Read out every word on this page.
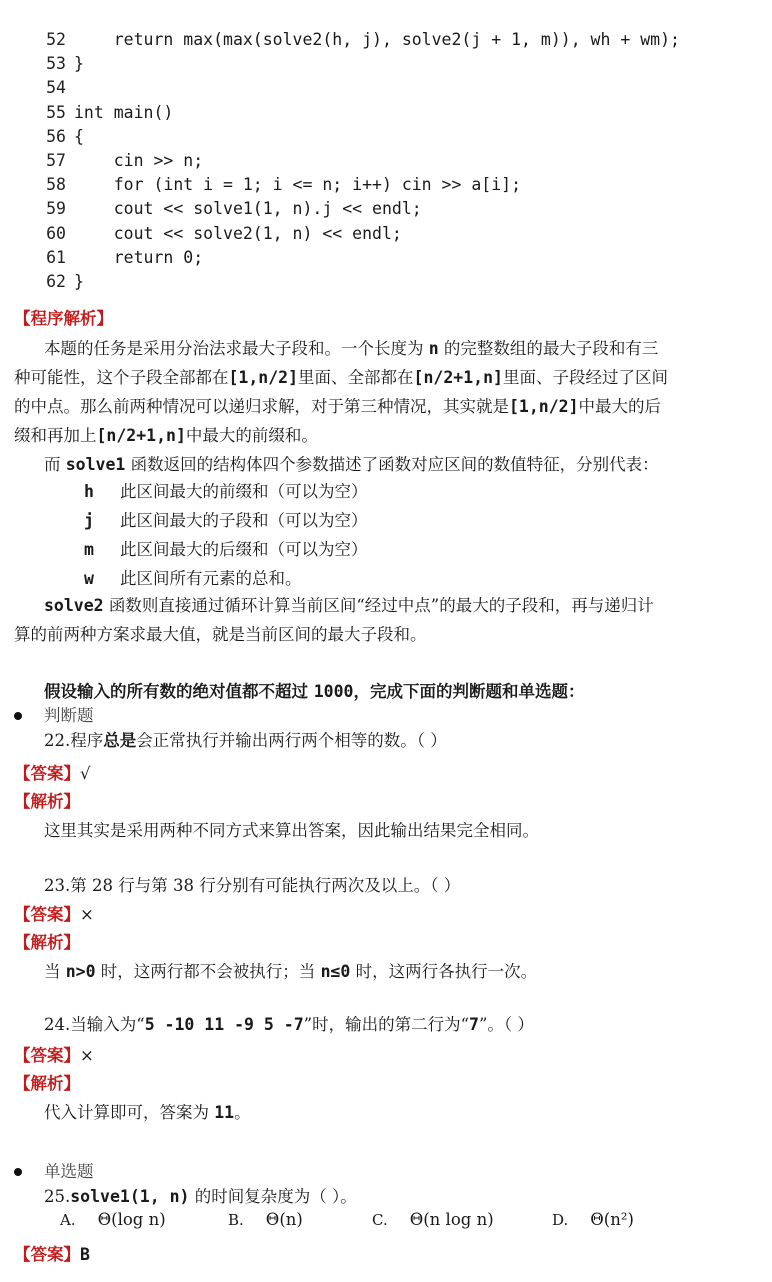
52    return max(max(solve2(h, j), solve2(j + 1, m)), wh + wm);
53 }
54
55 int main()
56 {
57    cin >> n;
58    for (int i = 1; i <= n; i++) cin >> a[i];
59    cout << solve1(1, n).j << endl;
60    cout << solve2(1, n) << endl;
61    return 0;
62 }
【程序解析】
本题的任务是采用分治法求最大子段和。一个长度为 n 的完整数组的最大子段和有三
种可能性，这个子段全部都在[1,n/2]里面、全部都在[n/2+1,n]里面、子段经过了区间
的中点。那么前两种情况可以递归求解，对于第三种情况，其实就是[1,n/2]中最大的后
缀和再加上[n/2+1,n]中最大的前缀和。
而 solve1 函数返回的结构体四个参数描述了函数对应区间的数值特征，分别代表：
h 此区间最大的前缀和（可以为空）
j 此区间最大的子段和（可以为空）
m 此区间最大的后缀和（可以为空）
w 此区间所有元素的总和。
solve2 函数则直接通过循环计算当前区间“经过中点”的最大的子段和，再与递归计
算的前两种方案求最大值，就是当前区间的最大子段和。
假设输入的所有数的绝对值都不超过 1000，完成下面的判断题和单选题：
判断题
22.程序总是会正常执行并输出两行两个相等的数。（ ）
【答案】√
【解析】
这里其实是采用两种不同方式来算出答案，因此输出结果完全相同。
23.第 28 行与第 38 行分别有可能执行两次及以上。（ ）
【答案】×
【解析】
当 n>0 时，这两行都不会被执行；当 n≤0 时，这两行各执行一次。
24.当输入为“5 -10 11 -9 5 -7”时，输出的第二行为“7”。（ ）
【答案】×
【解析】
代入计算即可，答案为 11。
单选题
25.solve1(1, n) 的时间复杂度为（ ）。
A. Θ(log n)	B. Θ(n)	C. Θ(n log n)	D. Θ(n²)
【答案】B
